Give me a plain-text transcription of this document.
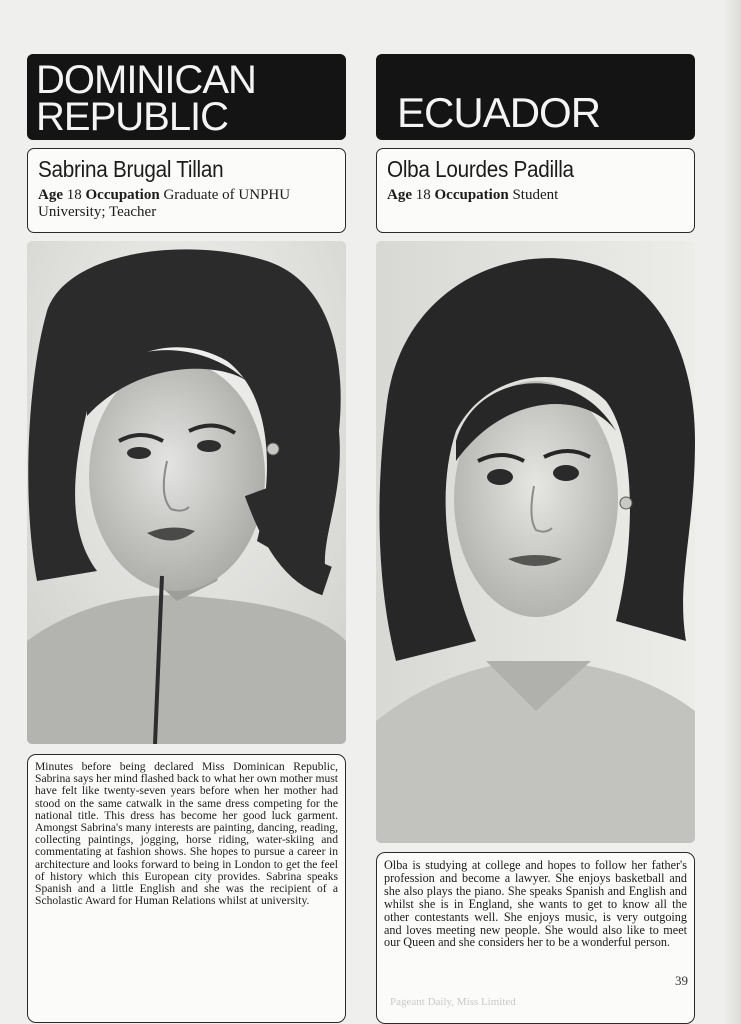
DOMINICAN
REPUBLIC
Sabrina Brugal Tillan
Age 18 Occupation Graduate of UNPHU University; Teacher
Minutes before being declared Miss Dominican Republic, Sabrina says her mind flashed back to what her own mother must have felt like twenty-seven years before when her mother had stood on the same catwalk in the same dress competing for the national title. This dress has become her good luck garment. Amongst Sabrina's many interests are painting, dancing, reading, collecting paintings, jogging, horse riding, water-skiing and commentating at fashion shows. She hopes to pursue a career in architecture and looks forward to being in London to get the feel of history which this European city provides. Sabrina speaks Spanish and a little English and she was the recipient of a Scholastic Award for Human Relations whilst at university.
ECUADOR
Olba Lourdes Padilla
Age 18 Occupation Student
Olba is studying at college and hopes to follow her father's profession and become a lawyer. She enjoys basketball and she also plays the piano. She speaks Spanish and English and whilst she is in England, she wants to get to know all the other contestants well. She enjoys music, is very outgoing and loves meeting new people. She would also like to meet our Queen and she considers her to be a wonderful person.
39
Pageant Daily, Miss Limited
